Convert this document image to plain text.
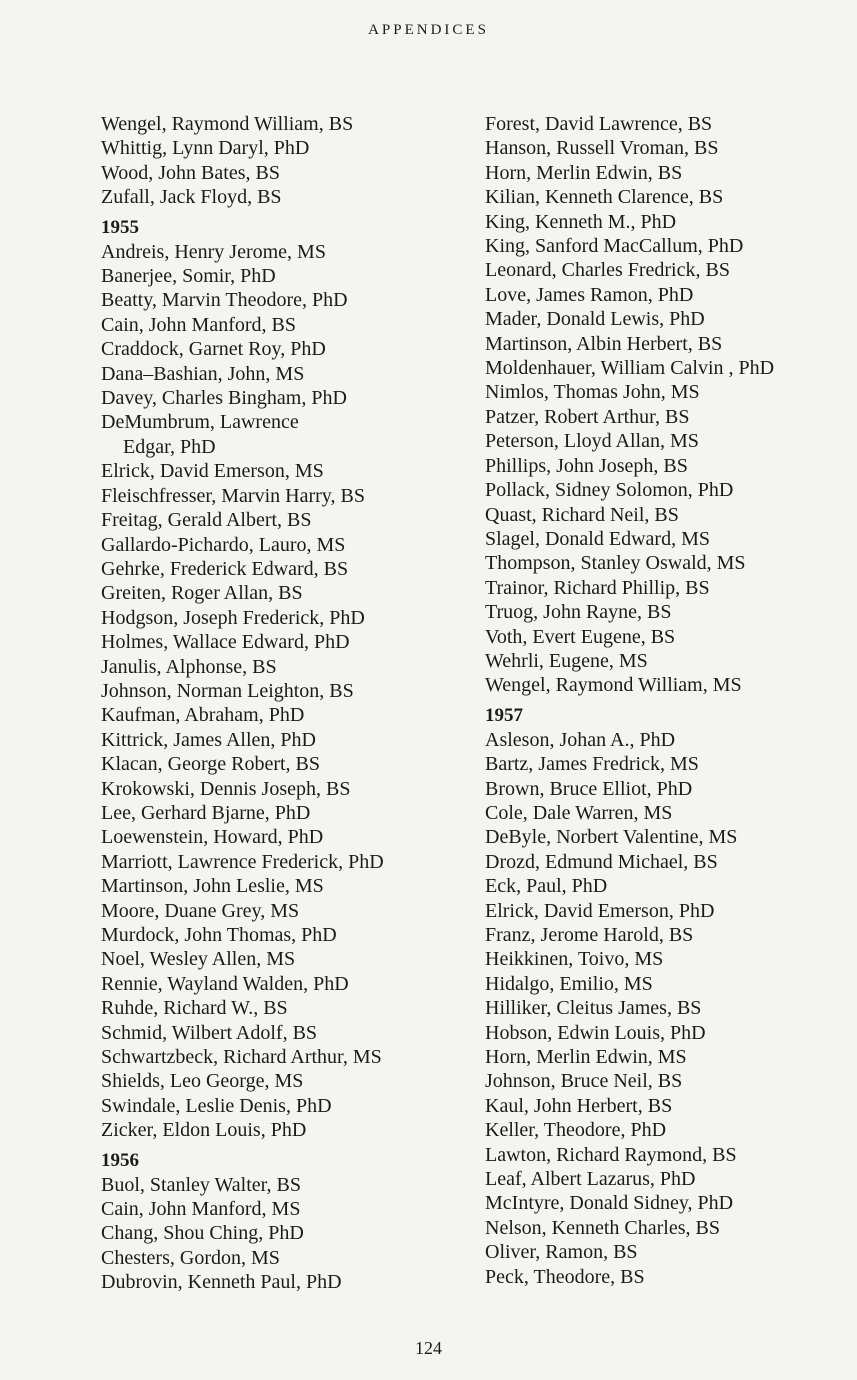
APPENDICES
Wengel, Raymond William, BS
Whittig, Lynn Daryl, PhD
Wood, John Bates, BS
Zufall, Jack Floyd, BS
1955
Andreis, Henry Jerome, MS
Banerjee, Somir, PhD
Beatty, Marvin Theodore, PhD
Cain, John Manford, BS
Craddock, Garnet Roy, PhD
Dana–Bashian, John, MS
Davey, Charles Bingham, PhD
DeMumbrum, Lawrence
Edgar, PhD
Elrick, David Emerson, MS
Fleischfresser, Marvin Harry, BS
Freitag, Gerald Albert, BS
Gallardo-Pichardo, Lauro, MS
Gehrke, Frederick Edward, BS
Greiten, Roger Allan, BS
Hodgson, Joseph Frederick, PhD
Holmes, Wallace Edward, PhD
Janulis, Alphonse, BS
Johnson, Norman Leighton, BS
Kaufman, Abraham, PhD
Kittrick, James Allen, PhD
Klacan, George Robert, BS
Krokowski, Dennis Joseph, BS
Lee, Gerhard Bjarne, PhD
Loewenstein, Howard, PhD
Marriott, Lawrence Frederick, PhD
Martinson, John Leslie, MS
Moore, Duane Grey, MS
Murdock, John Thomas, PhD
Noel, Wesley Allen, MS
Rennie, Wayland Walden, PhD
Ruhde, Richard W., BS
Schmid, Wilbert Adolf, BS
Schwartzbeck, Richard Arthur, MS
Shields, Leo George, MS
Swindale, Leslie Denis, PhD
Zicker, Eldon Louis, PhD
1956
Buol, Stanley Walter, BS
Cain, John Manford, MS
Chang, Shou Ching, PhD
Chesters, Gordon, MS
Dubrovin, Kenneth Paul, PhD
Forest, David Lawrence, BS
Hanson, Russell Vroman, BS
Horn, Merlin Edwin, BS
Kilian, Kenneth Clarence, BS
King, Kenneth M., PhD
King, Sanford MacCallum, PhD
Leonard, Charles Fredrick, BS
Love, James Ramon, PhD
Mader, Donald Lewis, PhD
Martinson, Albin Herbert, BS
Moldenhauer, William Calvin , PhD
Nimlos, Thomas John, MS
Patzer, Robert Arthur, BS
Peterson, Lloyd Allan, MS
Phillips, John Joseph, BS
Pollack, Sidney Solomon, PhD
Quast, Richard Neil, BS
Slagel, Donald Edward, MS
Thompson, Stanley Oswald, MS
Trainor, Richard Phillip, BS
Truog, John Rayne, BS
Voth, Evert Eugene, BS
Wehrli, Eugene, MS
Wengel, Raymond William, MS
1957
Asleson, Johan A., PhD
Bartz, James Fredrick, MS
Brown, Bruce Elliot, PhD
Cole, Dale Warren, MS
DeByle, Norbert Valentine, MS
Drozd, Edmund Michael, BS
Eck, Paul, PhD
Elrick, David Emerson, PhD
Franz, Jerome Harold, BS
Heikkinen, Toivo, MS
Hidalgo, Emilio, MS
Hilliker, Cleitus James, BS
Hobson, Edwin Louis, PhD
Horn, Merlin Edwin, MS
Johnson, Bruce Neil, BS
Kaul, John Herbert, BS
Keller, Theodore, PhD
Lawton, Richard Raymond, BS
Leaf, Albert Lazarus, PhD
McIntyre, Donald Sidney, PhD
Nelson, Kenneth Charles, BS
Oliver, Ramon, BS
Peck, Theodore, BS
124
